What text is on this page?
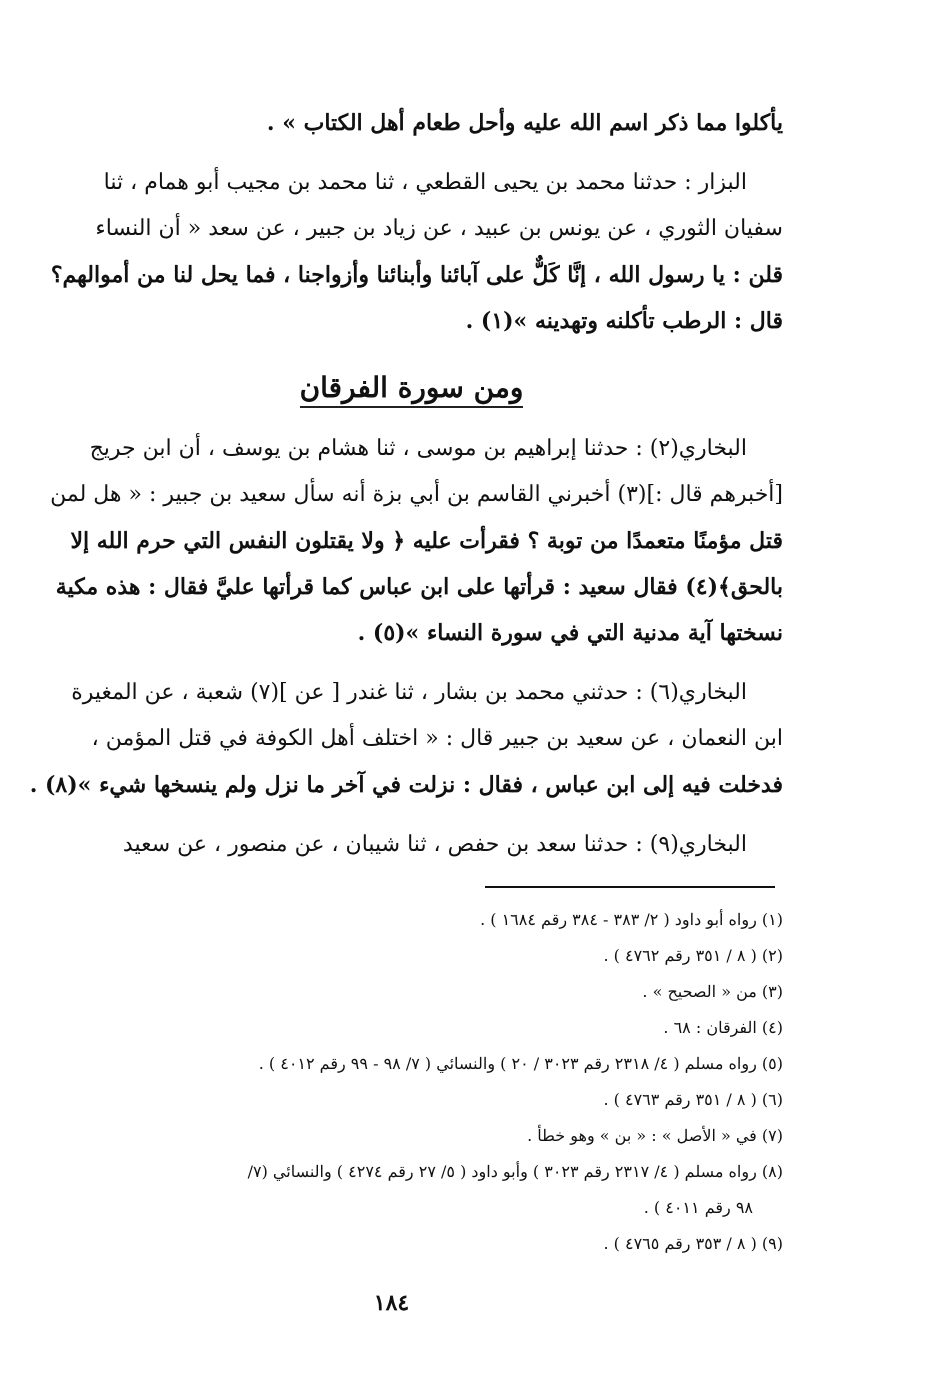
يأكلوا مما ذكر اسم الله عليه وأحل طعام أهل الكتاب » .

البزار : حدثنا محمد بن يحيى القطعي ، ثنا محمد بن مجيب أبو همام ، ثنا

سفيان الثوري ، عن يونس بن عبيد ، عن زياد بن جبير ، عن سعد « أن النساء

قلن : يا رسول الله ، إنَّا كَلٌّ على آبائنا وأبنائنا وأزواجنا ، فما يحل لنا من أموالهم؟

قال : الرطب تأكلنه وتهدينه »(١) .

ومن سورة الفرقان

البخاري(٢) : حدثنا إبراهيم بن موسى ، ثنا هشام بن يوسف ، أن ابن جريج

[أخبرهم قال :](٣) أخبرني القاسم بن أبي بزة أنه سأل سعيد بن جبير : « هل لمن

قتل مؤمنًا متعمدًا من توبة ؟ فقرأت عليه ﴿ ولا يقتلون النفس التي حرم الله إلا

بالحق﴾(٤) فقال سعيد : قرأتها على ابن عباس كما قرأتها عليَّ فقال : هذه مكية

نسختها آية مدنية التي في سورة النساء »(٥) .

البخاري(٦) : حدثني محمد بن بشار ، ثنا غندر [ عن ](٧) شعبة ، عن المغيرة

ابن النعمان ، عن سعيد بن جبير قال : « اختلف أهل الكوفة في قتل المؤمن ،

فدخلت فيه إلى ابن عباس ، فقال : نزلت في آخر ما نزل ولم ينسخها شيء »(٨) .

البخاري(٩) : حدثنا سعد بن حفص ، ثنا شيبان ، عن منصور ، عن سعيد

(١) رواه أبو داود ( ٢/ ٣٨٣ - ٣٨٤ رقم ١٦٨٤ ) .

(٢) ( ٨ / ٣٥١ رقم ٤٧٦٢ ) .

(٣) من « الصحيح » .

(٤) الفرقان : ٦٨ .

(٥) رواه مسلم ( ٤/ ٢٣١٨ رقم ٣٠٢٣ / ٢٠ ) والنسائي ( ٧/ ٩٨ - ٩٩ رقم ٤٠١٢ ) .

(٦) ( ٨ / ٣٥١ رقم ٤٧٦٣ ) .

(٧) في « الأصل » : « بن » وهو خطأ .

(٨) رواه مسلم ( ٤/ ٢٣١٧ رقم ٣٠٢٣ ) وأبو داود ( ٥/ ٢٧ رقم ٤٢٧٤ ) والنسائي (٧/

٩٨ رقم ٤٠١١ ) .

(٩) ( ٨ / ٣٥٣ رقم ٤٧٦٥ ) .

١٨٤
